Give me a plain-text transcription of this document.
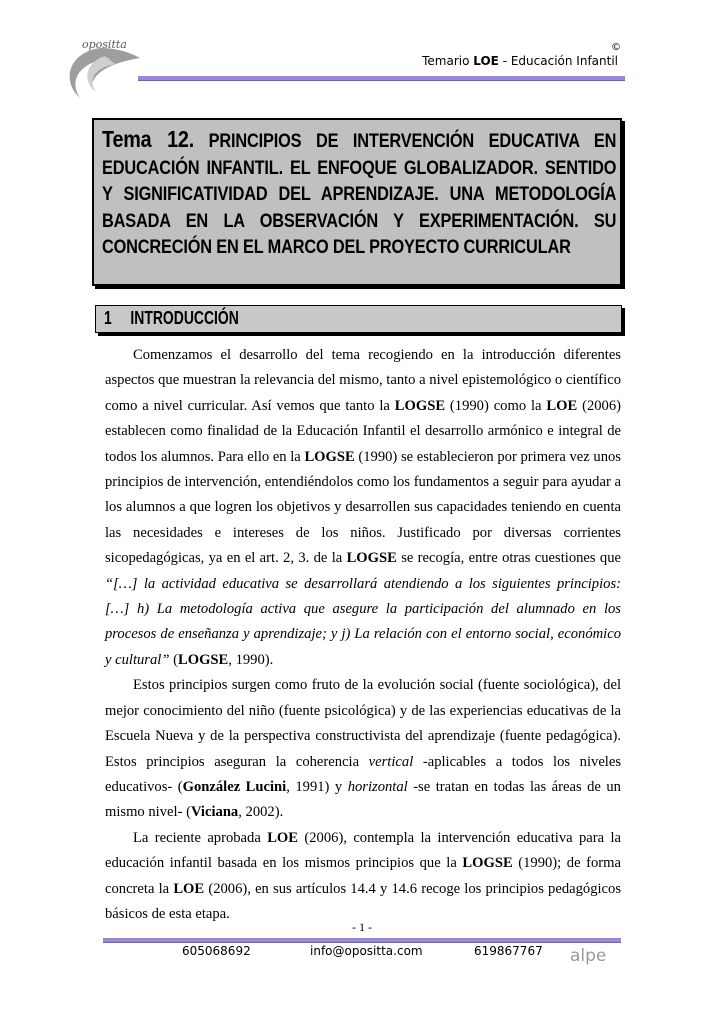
opositta
Temario LOE - Educación Infantil
©

Tema 12. PRINCIPIOS DE INTERVENCIÓN EDUCATIVA EN EDUCACIÓN INFANTIL. EL ENFOQUE GLOBALIZADOR. SENTIDO Y SIGNIFICATIVIDAD DEL APRENDIZAJE. UNA METODOLOGÍA BASADA EN LA OBSERVACIÓN Y EXPERIMENTACIÓN. SU CONCRECIÓN EN EL MARCO DEL PROYECTO CURRICULAR

1 INTRODUCCIÓN

Comenzamos el desarrollo del tema recogiendo en la introducción diferentes aspectos que muestran la relevancia del mismo, tanto a nivel epistemológico o científico como a nivel curricular. Así vemos que tanto la LOGSE (1990) como la LOE (2006) establecen como finalidad de la Educación Infantil el desarrollo armónico e integral de todos los alumnos. Para ello en la LOGSE (1990) se establecieron por primera vez unos principios de intervención, entendiéndolos como los fundamentos a seguir para ayudar a los alumnos a que logren los objetivos y desarrollen sus capacidades teniendo en cuenta las necesidades e intereses de los niños. Justificado por diversas corrientes sicopedagógicas, ya en el art. 2, 3. de la LOGSE se recogía, entre otras cuestiones que “[…] la actividad educativa se desarrollará atendiendo a los siguientes principios: […] h) La metodología activa que asegure la participación del alumnado en los procesos de enseñanza y aprendizaje; y j) La relación con el entorno social, económico y cultural” (LOGSE, 1990).

Estos principios surgen como fruto de la evolución social (fuente sociológica), del mejor conocimiento del niño (fuente psicológica) y de las experiencias educativas de la Escuela Nueva y de la perspectiva constructivista del aprendizaje (fuente pedagógica). Estos principios aseguran la coherencia vertical -aplicables a todos los niveles educativos- (González Lucini, 1991) y horizontal -se tratan en todas las áreas de un mismo nivel- (Viciana, 2002).

La reciente aprobada LOE (2006), contempla la intervención educativa para la educación infantil basada en los mismos principios que la LOGSE (1990); de forma concreta la LOE (2006), en sus artículos 14.4 y 14.6 recoge los principios pedagógicos básicos de esta etapa.

- 1 -
605068692	info@opositta.com	619867767 alpe
